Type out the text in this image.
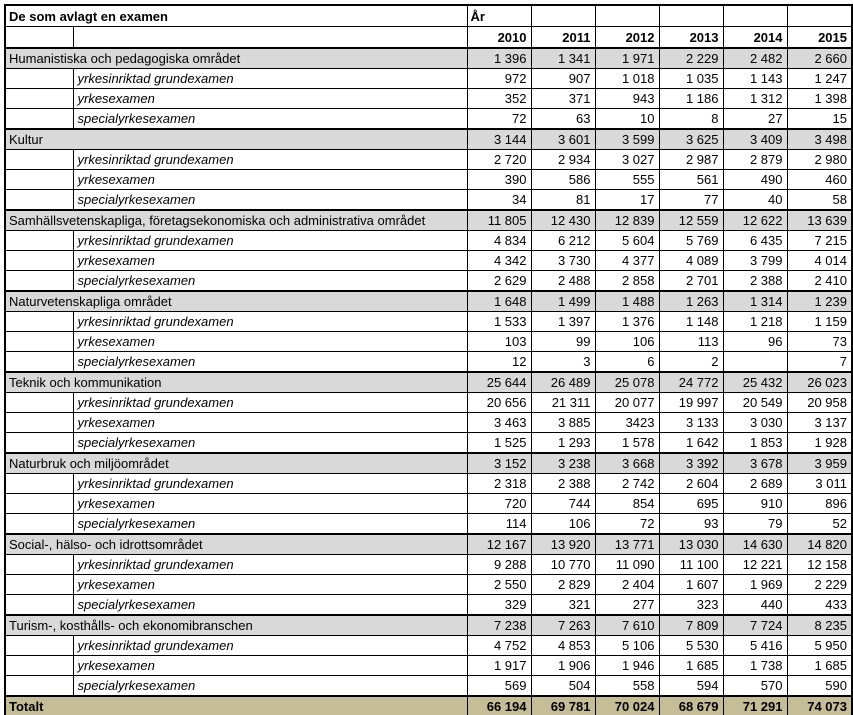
De som avlagt en examen		År					
		2010	2011	2012	2013	2014	2015
Humanistiska och pedagogiska området		1 396	1 341	1 971	2 229	2 482	2 660
	yrkesinriktad grundexamen	972	907	1 018	1 035	1 143	1 247
	yrkesexamen	352	371	943	1 186	1 312	1 398
	specialyrkesexamen	72	63	10	8	27	15
Kultur		3 144	3 601	3 599	3 625	3 409	3 498
	yrkesinriktad grundexamen	2 720	2 934	3 027	2 987	2 879	2 980
	yrkesexamen	390	586	555	561	490	460
	specialyrkesexamen	34	81	17	77	40	58
Samhällsvetenskapliga, företagsekonomiska och administrativa området		11 805	12 430	12 839	12 559	12 622	13 639
	yrkesinriktad grundexamen	4 834	6 212	5 604	5 769	6 435	7 215
	yrkesexamen	4 342	3 730	4 377	4 089	3 799	4 014
	specialyrkesexamen	2 629	2 488	2 858	2 701	2 388	2 410
Naturvetenskapliga området		1 648	1 499	1 488	1 263	1 314	1 239
	yrkesinriktad grundexamen	1 533	1 397	1 376	1 148	1 218	1 159
	yrkesexamen	103	99	106	113	96	73
	specialyrkesexamen	12	3	6	2		7
Teknik och kommunikation		25 644	26 489	25 078	24 772	25 432	26 023
	yrkesinriktad grundexamen	20 656	21 311	20 077	19 997	20 549	20 958
	yrkesexamen	3 463	3 885	3423	3 133	3 030	3 137
	specialyrkesexamen	1 525	1 293	1 578	1 642	1 853	1 928
Naturbruk och miljöområdet		3 152	3 238	3 668	3 392	3 678	3 959
	yrkesinriktad grundexamen	2 318	2 388	2 742	2 604	2 689	3 011
	yrkesexamen	720	744	854	695	910	896
	specialyrkesexamen	114	106	72	93	79	52
Social-, hälso- och idrottsområdet		12 167	13 920	13 771	13 030	14 630	14 820
	yrkesinriktad grundexamen	9 288	10 770	11 090	11 100	12 221	12 158
	yrkesexamen	2 550	2 829	2 404	1 607	1 969	2 229
	specialyrkesexamen	329	321	277	323	440	433
Turism-, kosthålls- och ekonomibranschen		7 238	7 263	7 610	7 809	7 724	8 235
	yrkesinriktad grundexamen	4 752	4 853	5 106	5 530	5 416	5 950
	yrkesexamen	1 917	1 906	1 946	1 685	1 738	1 685
	specialyrkesexamen	569	504	558	594	570	590
Totalt		66 194	69 781	70 024	68 679	71 291	74 073
